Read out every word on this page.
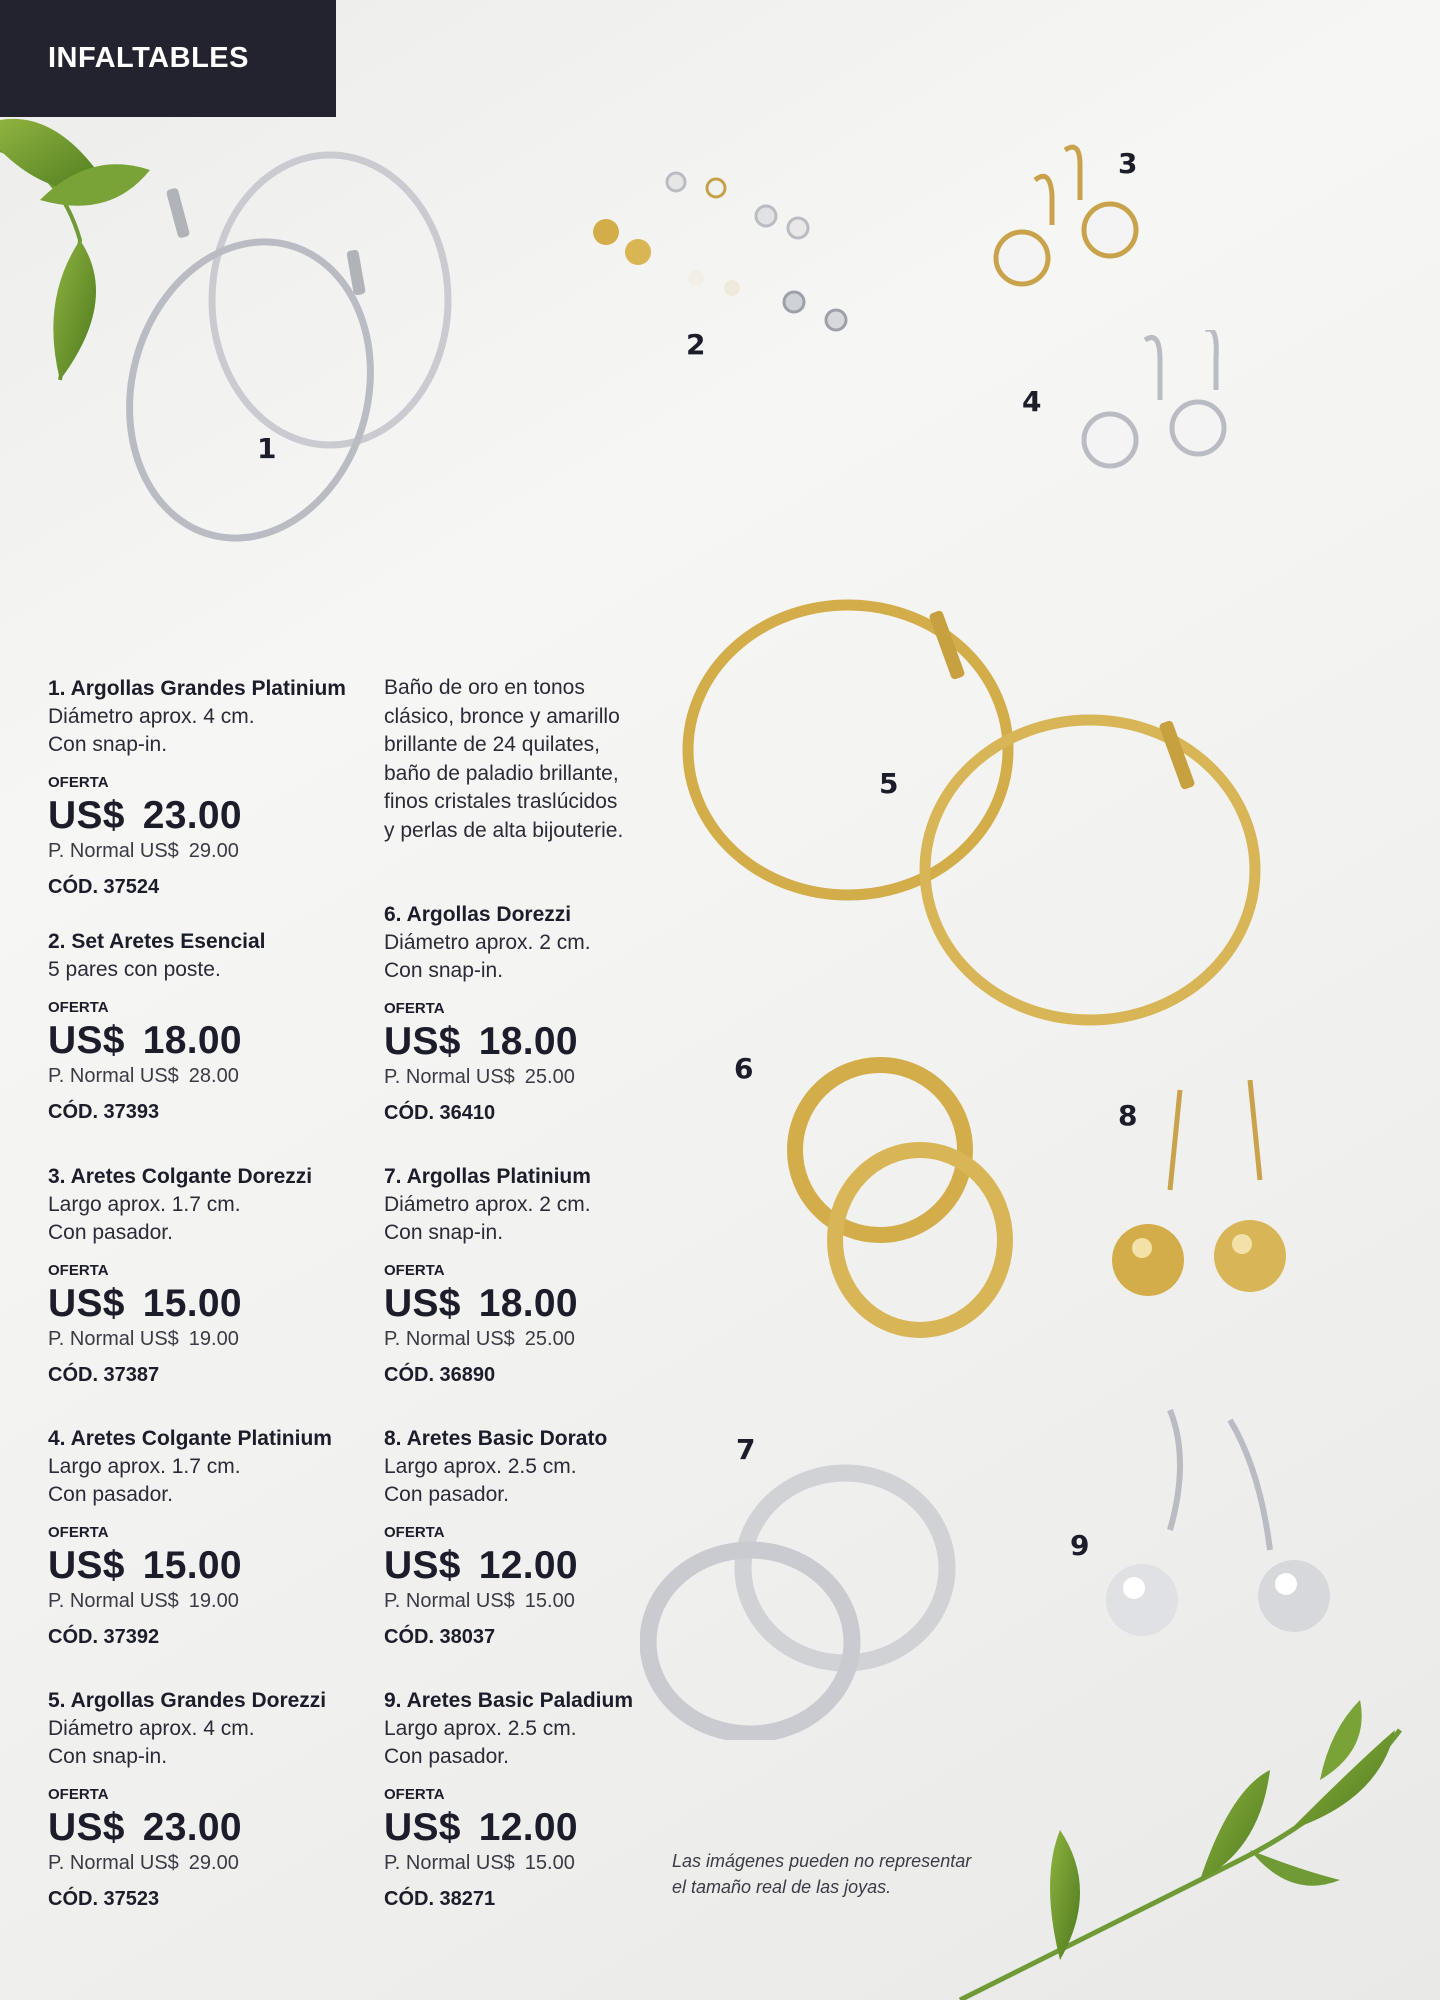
INFALTABLES
1
2
3
4
5
6
7
8
9
Baño de oro en tonos
clásico, bronce y amarillo
brillante de 24 quilates,
baño de paladio brillante,
finos cristales traslúcidos
y perlas de alta bijouterie.
1. Argollas Grandes Platinium
Diámetro aprox. 4 cm.
Con snap-in.
OFERTA
US$ 23.00
P. Normal US$ 29.00
CÓD. 37524
2. Set Aretes Esencial
5 pares con poste.
OFERTA
US$ 18.00
P. Normal US$ 28.00
CÓD. 37393
3. Aretes Colgante Dorezzi
Largo aprox. 1.7 cm.
Con pasador.
OFERTA
US$ 15.00
P. Normal US$ 19.00
CÓD. 37387
4. Aretes Colgante Platinium
Largo aprox. 1.7 cm.
Con pasador.
OFERTA
US$ 15.00
P. Normal US$ 19.00
CÓD. 37392
5. Argollas Grandes Dorezzi
Diámetro aprox. 4 cm.
Con snap-in.
OFERTA
US$ 23.00
P. Normal US$ 29.00
CÓD. 37523
6. Argollas Dorezzi
Diámetro aprox. 2 cm.
Con snap-in.
OFERTA
US$ 18.00
P. Normal US$ 25.00
CÓD. 36410
7. Argollas Platinium
Diámetro aprox. 2 cm.
Con snap-in.
OFERTA
US$ 18.00
P. Normal US$ 25.00
CÓD. 36890
8. Aretes Basic Dorato
Largo aprox. 2.5 cm.
Con pasador.
OFERTA
US$ 12.00
P. Normal US$ 15.00
CÓD. 38037
9. Aretes Basic Paladium
Largo aprox. 2.5 cm.
Con pasador.
OFERTA
US$ 12.00
P. Normal US$ 15.00
CÓD. 38271
Las imágenes pueden no representar
el tamaño real de las joyas.
